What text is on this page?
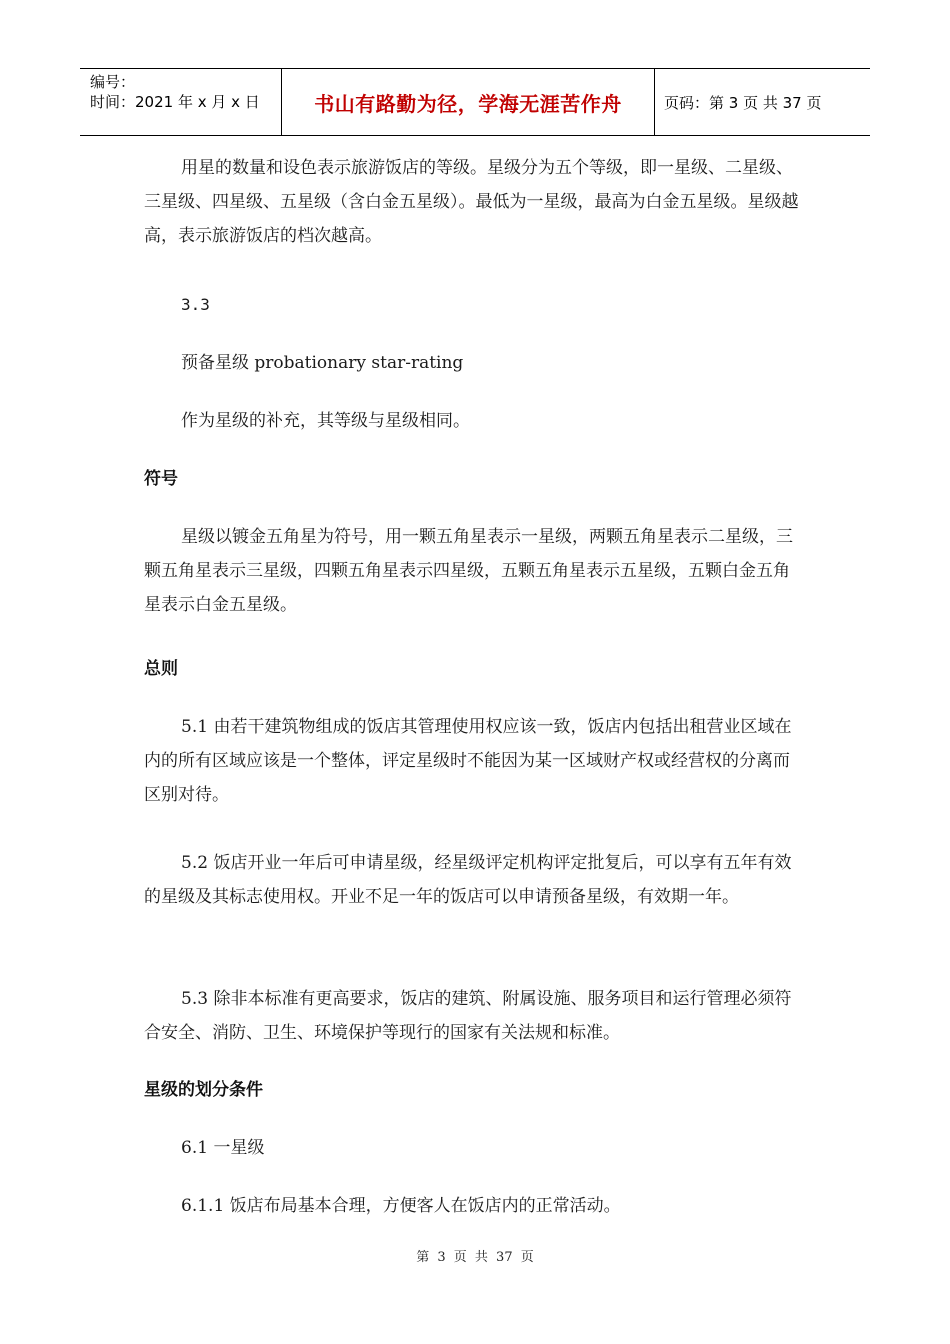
编号：
时间：2021 年 x 月 x 日	书山有路勤为径，学海无涯苦作舟	页码：第 3 页 共 37 页
用星的数量和设色表示旅游饭店的等级。星级分为五个等级，即一星级、二星级、三星级、四星级、五星级（含白金五星级）。最低为一星级，最高为白金五星级。星级越高，表示旅游饭店的档次越高。
3.3
预备星级 probationary star-rating
作为星级的补充，其等级与星级相同。
符号
星级以镀金五角星为符号，用一颗五角星表示一星级，两颗五角星表示二星级，三颗五角星表示三星级，四颗五角星表示四星级，五颗五角星表示五星级，五颗白金五角星表示白金五星级。
总则
5.1 由若干建筑物组成的饭店其管理使用权应该一致，饭店内包括出租营业区域在内的所有区域应该是一个整体，评定星级时不能因为某一区域财产权或经营权的分离而区别对待。
5.2 饭店开业一年后可申请星级，经星级评定机构评定批复后，可以享有五年有效的星级及其标志使用权。开业不足一年的饭店可以申请预备星级，有效期一年。
5.3 除非本标准有更高要求，饭店的建筑、附属设施、服务项目和运行管理必须符合安全、消防、卫生、环境保护等现行的国家有关法规和标准。
星级的划分条件
6.1 一星级
6.1.1 饭店布局基本合理，方便客人在饭店内的正常活动。
第 3 页 共 37 页
